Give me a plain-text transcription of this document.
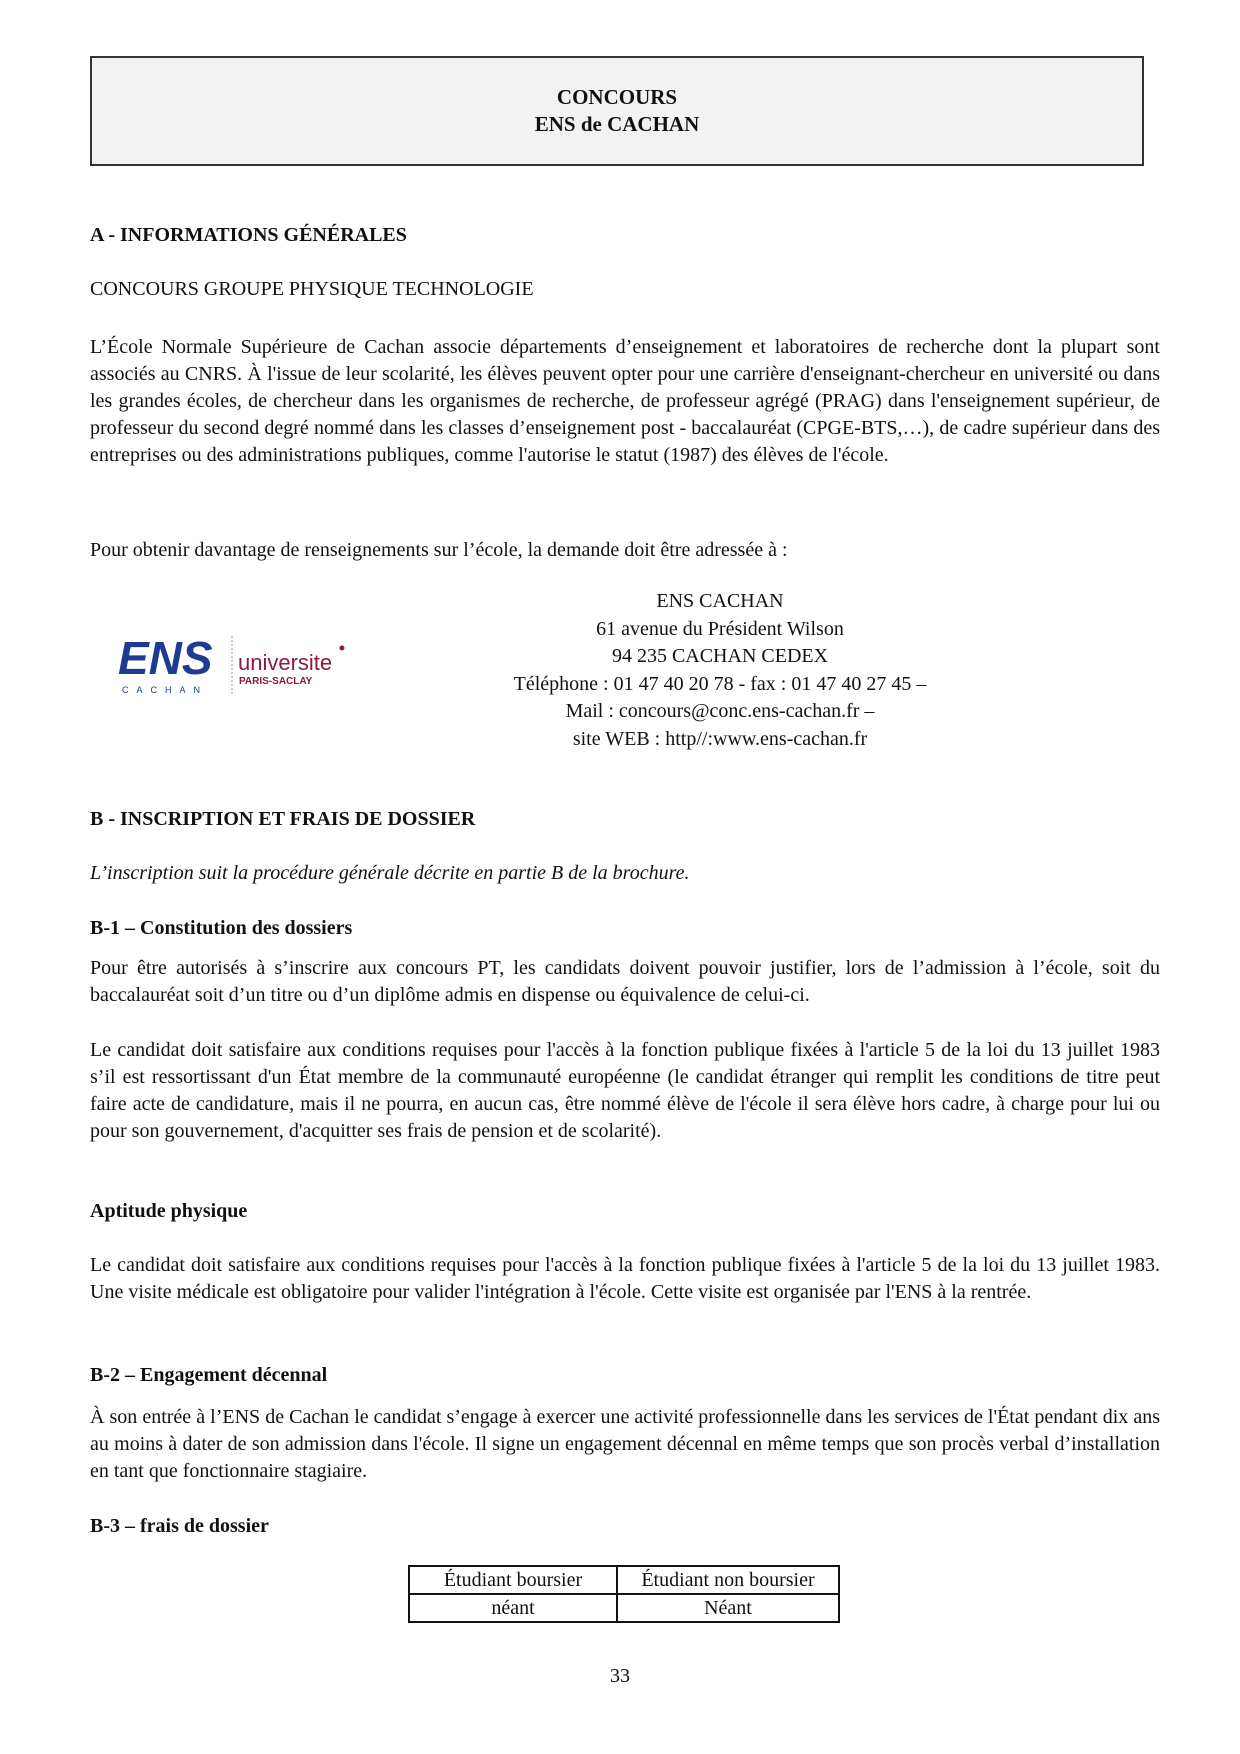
CONCOURS
ENS de CACHAN
A - INFORMATIONS GÉNÉRALES
CONCOURS GROUPE PHYSIQUE TECHNOLOGIE
L’École Normale Supérieure de Cachan associe départements d’enseignement et laboratoires de recherche dont la plupart sont associés au CNRS. À l'issue de leur scolarité, les élèves peuvent opter pour une carrière d'enseignant-chercheur en université ou dans les grandes écoles, de chercheur dans les organismes de recherche, de professeur agrégé (PRAG) dans l'enseignement supérieur, de professeur du second degré nommé dans les classes d’enseignement post - baccalauréat (CPGE-BTS,…), de cadre supérieur dans des entreprises ou des administrations publiques, comme l'autorise le statut (1987) des élèves de l'école.
Pour obtenir davantage de renseignements sur l’école, la demande doit être adressée à :
ENS
CACHAN
universite
PARIS-SACLAY
ENS CACHAN
61 avenue du Président Wilson
94 235 CACHAN CEDEX
Téléphone : 01 47 40 20 78 - fax : 01 47 40 27 45 –
Mail : concours@conc.ens-cachan.fr –
site WEB : http//:www.ens-cachan.fr
B - INSCRIPTION ET FRAIS DE DOSSIER
L’inscription suit la procédure générale décrite en partie B de la brochure.
B-1 – Constitution des dossiers
Pour être autorisés à s’inscrire aux concours PT, les candidats doivent pouvoir justifier, lors de l’admission à l’école, soit du baccalauréat soit d’un titre ou d’un diplôme admis en dispense ou équivalence de celui-ci.
Le candidat doit satisfaire aux conditions requises pour l'accès à la fonction publique fixées à l'article 5 de la loi du 13 juillet 1983 s’il est ressortissant d'un État membre de la communauté européenne (le candidat étranger qui remplit les conditions de titre peut faire acte de candidature, mais il ne pourra, en aucun cas, être nommé élève de l'école il sera élève hors cadre, à charge pour lui ou pour son gouvernement, d'acquitter ses frais de pension et de scolarité).
Aptitude physique
Le candidat doit satisfaire aux conditions requises pour l'accès à la fonction publique fixées à l'article 5 de la loi du 13 juillet 1983. Une visite médicale est obligatoire pour valider l'intégration à l'école. Cette visite est organisée par l'ENS à la rentrée.
B-2 – Engagement décennal
À son entrée à l’ENS de Cachan le candidat s’engage à exercer une activité professionnelle dans les services de l'État pendant dix ans au moins à dater de son admission dans l'école. Il signe un engagement décennal en même temps que son procès verbal d’installation en tant que fonctionnaire stagiaire.
B-3 – frais de dossier
Étudiant boursier	Étudiant non boursier
néant	Néant
33
